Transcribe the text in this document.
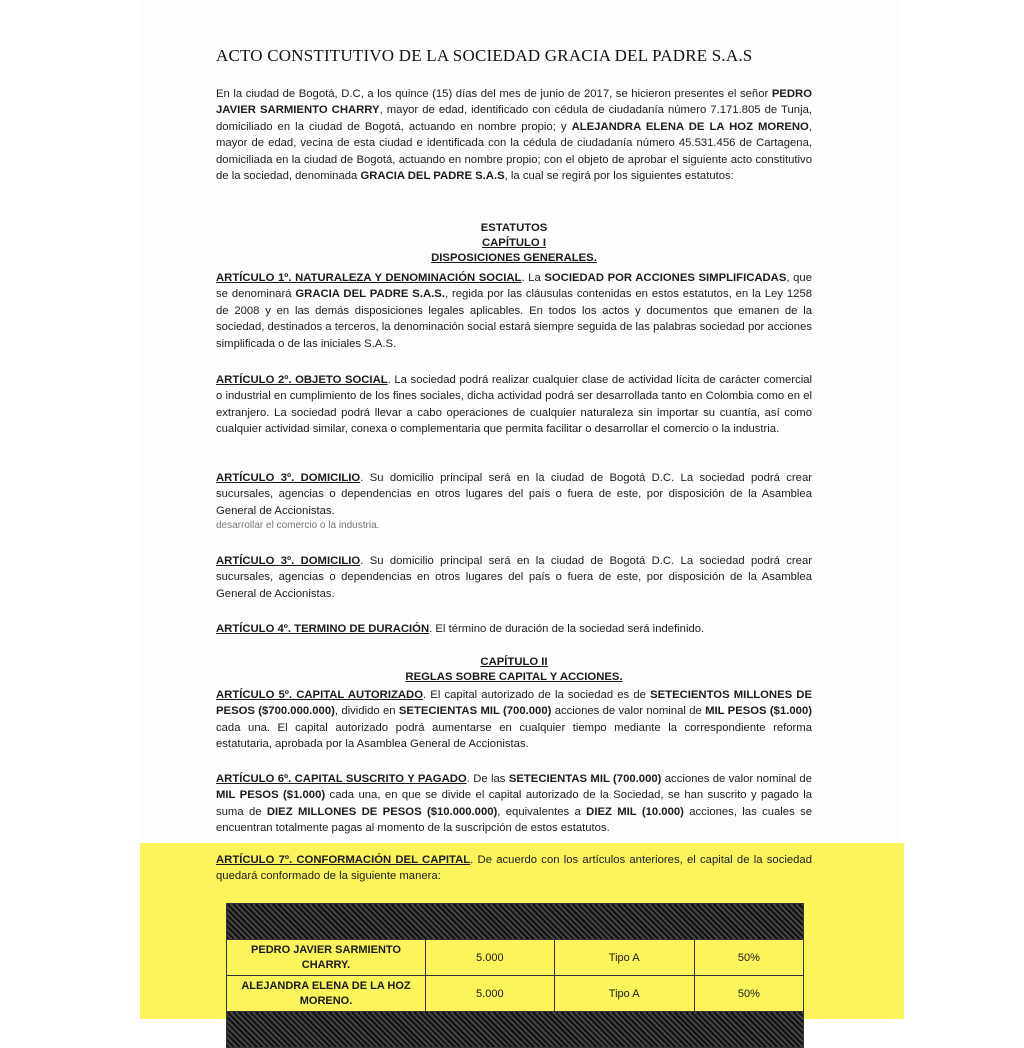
ACTO CONSTITUTIVO DE LA SOCIEDAD GRACIA DEL PADRE S.A.S
En la ciudad de Bogotá, D.C, a los quince (15) días del mes de junio de 2017, se hicieron presentes el señor PEDRO JAVIER SARMIENTO CHARRY, mayor de edad, identificado con cédula de ciudadanía número 7.171.805 de Tunja, domiciliado en la ciudad de Bogotá, actuando en nombre propio; y ALEJANDRA ELENA DE LA HOZ MORENO, mayor de edad, vecina de esta ciudad e identificada con la cédula de ciudadanía número 45.531.456 de Cartagena, domiciliada en la ciudad de Bogotá, actuando en nombre propio; con el objeto de aprobar el siguiente acto constitutivo de la sociedad, denominada GRACIA DEL PADRE S.A.S, la cual se regirá por los siguientes estatutos:
ESTATUTOS
CAPÍTULO I
DISPOSICIONES GENERALES.
ARTÍCULO 1º. NATURALEZA Y DENOMINACIÓN SOCIAL. La SOCIEDAD POR ACCIONES SIMPLIFICADAS, que se denominará GRACIA DEL PADRE S.A.S., regida por las cláusulas contenidas en estos estatutos, en la Ley 1258 de 2008 y en las demás disposiciones legales aplicables. En todos los actos y documentos que emanen de la sociedad, destinados a terceros, la denominación social estará siempre seguida de las palabras sociedad por acciones simplificada o de las iniciales S.A.S.
ARTÍCULO 2º. OBJETO SOCIAL. La sociedad podrá realizar cualquier clase de actividad lícita de carácter comercial o industrial en cumplimiento de los fines sociales, dicha actividad podrá ser desarrollada tanto en Colombia como en el extranjero. La sociedad podrá llevar a cabo operaciones de cualquier naturaleza sin importar su cuantía, así como cualquier actividad similar, conexa o complementaria que permita facilitar o desarrollar el comercio o la industria.
ARTÍCULO 3º. DOMICILIO. Su domicilio principal será en la ciudad de Bogotá D.C. La sociedad podrá crear sucursales, agencias o dependencias en otros lugares del país o fuera de este, por disposición de la Asamblea General de Accionistas.
desarrollar el comercio o la industria.
ARTÍCULO 3º. DOMICILIO. Su domicilio principal será en la ciudad de Bogotá D.C. La sociedad podrá crear sucursales, agencias o dependencias en otros lugares del país o fuera de este, por disposición de la Asamblea General de Accionistas.
ARTÍCULO 4º. TERMINO DE DURACIÓN. El término de duración de la sociedad será indefinido.
CAPÍTULO II
REGLAS SOBRE CAPITAL Y ACCIONES.
ARTÍCULO 5º. CAPITAL AUTORIZADO. El capital autorizado de la sociedad es de SETECIENTOS MILLONES DE PESOS ($700.000.000), dividido en SETECIENTAS MIL (700.000) acciones de valor nominal de MIL PESOS ($1.000) cada una. El capital autorizado podrá aumentarse en cualquier tiempo mediante la correspondiente reforma estatutaria, aprobada por la Asamblea General de Accionistas.
ARTÍCULO 6º. CAPITAL SUSCRITO Y PAGADO. De las SETECIENTAS MIL (700.000) acciones de valor nominal de MIL PESOS ($1.000) cada una, en que se divide el capital autorizado de la Sociedad, se han suscrito y pagado la suma de DIEZ MILLONES DE PESOS ($10.000.000), equivalentes a DIEZ MIL (10.000) acciones, las cuales se encuentran totalmente pagas al momento de la suscripción de estos estatutos.
ARTÍCULO 7º. CONFORMACIÓN DEL CAPITAL. De acuerdo con los artículos anteriores, el capital de la sociedad quedará conformado de la siguiente manera:

PEDRO JAVIER SARMIENTO CHARRY.	5.000	Tipo A	50%
ALEJANDRA ELENA DE LA HOZ MORENO.	5.000	Tipo A	50%
